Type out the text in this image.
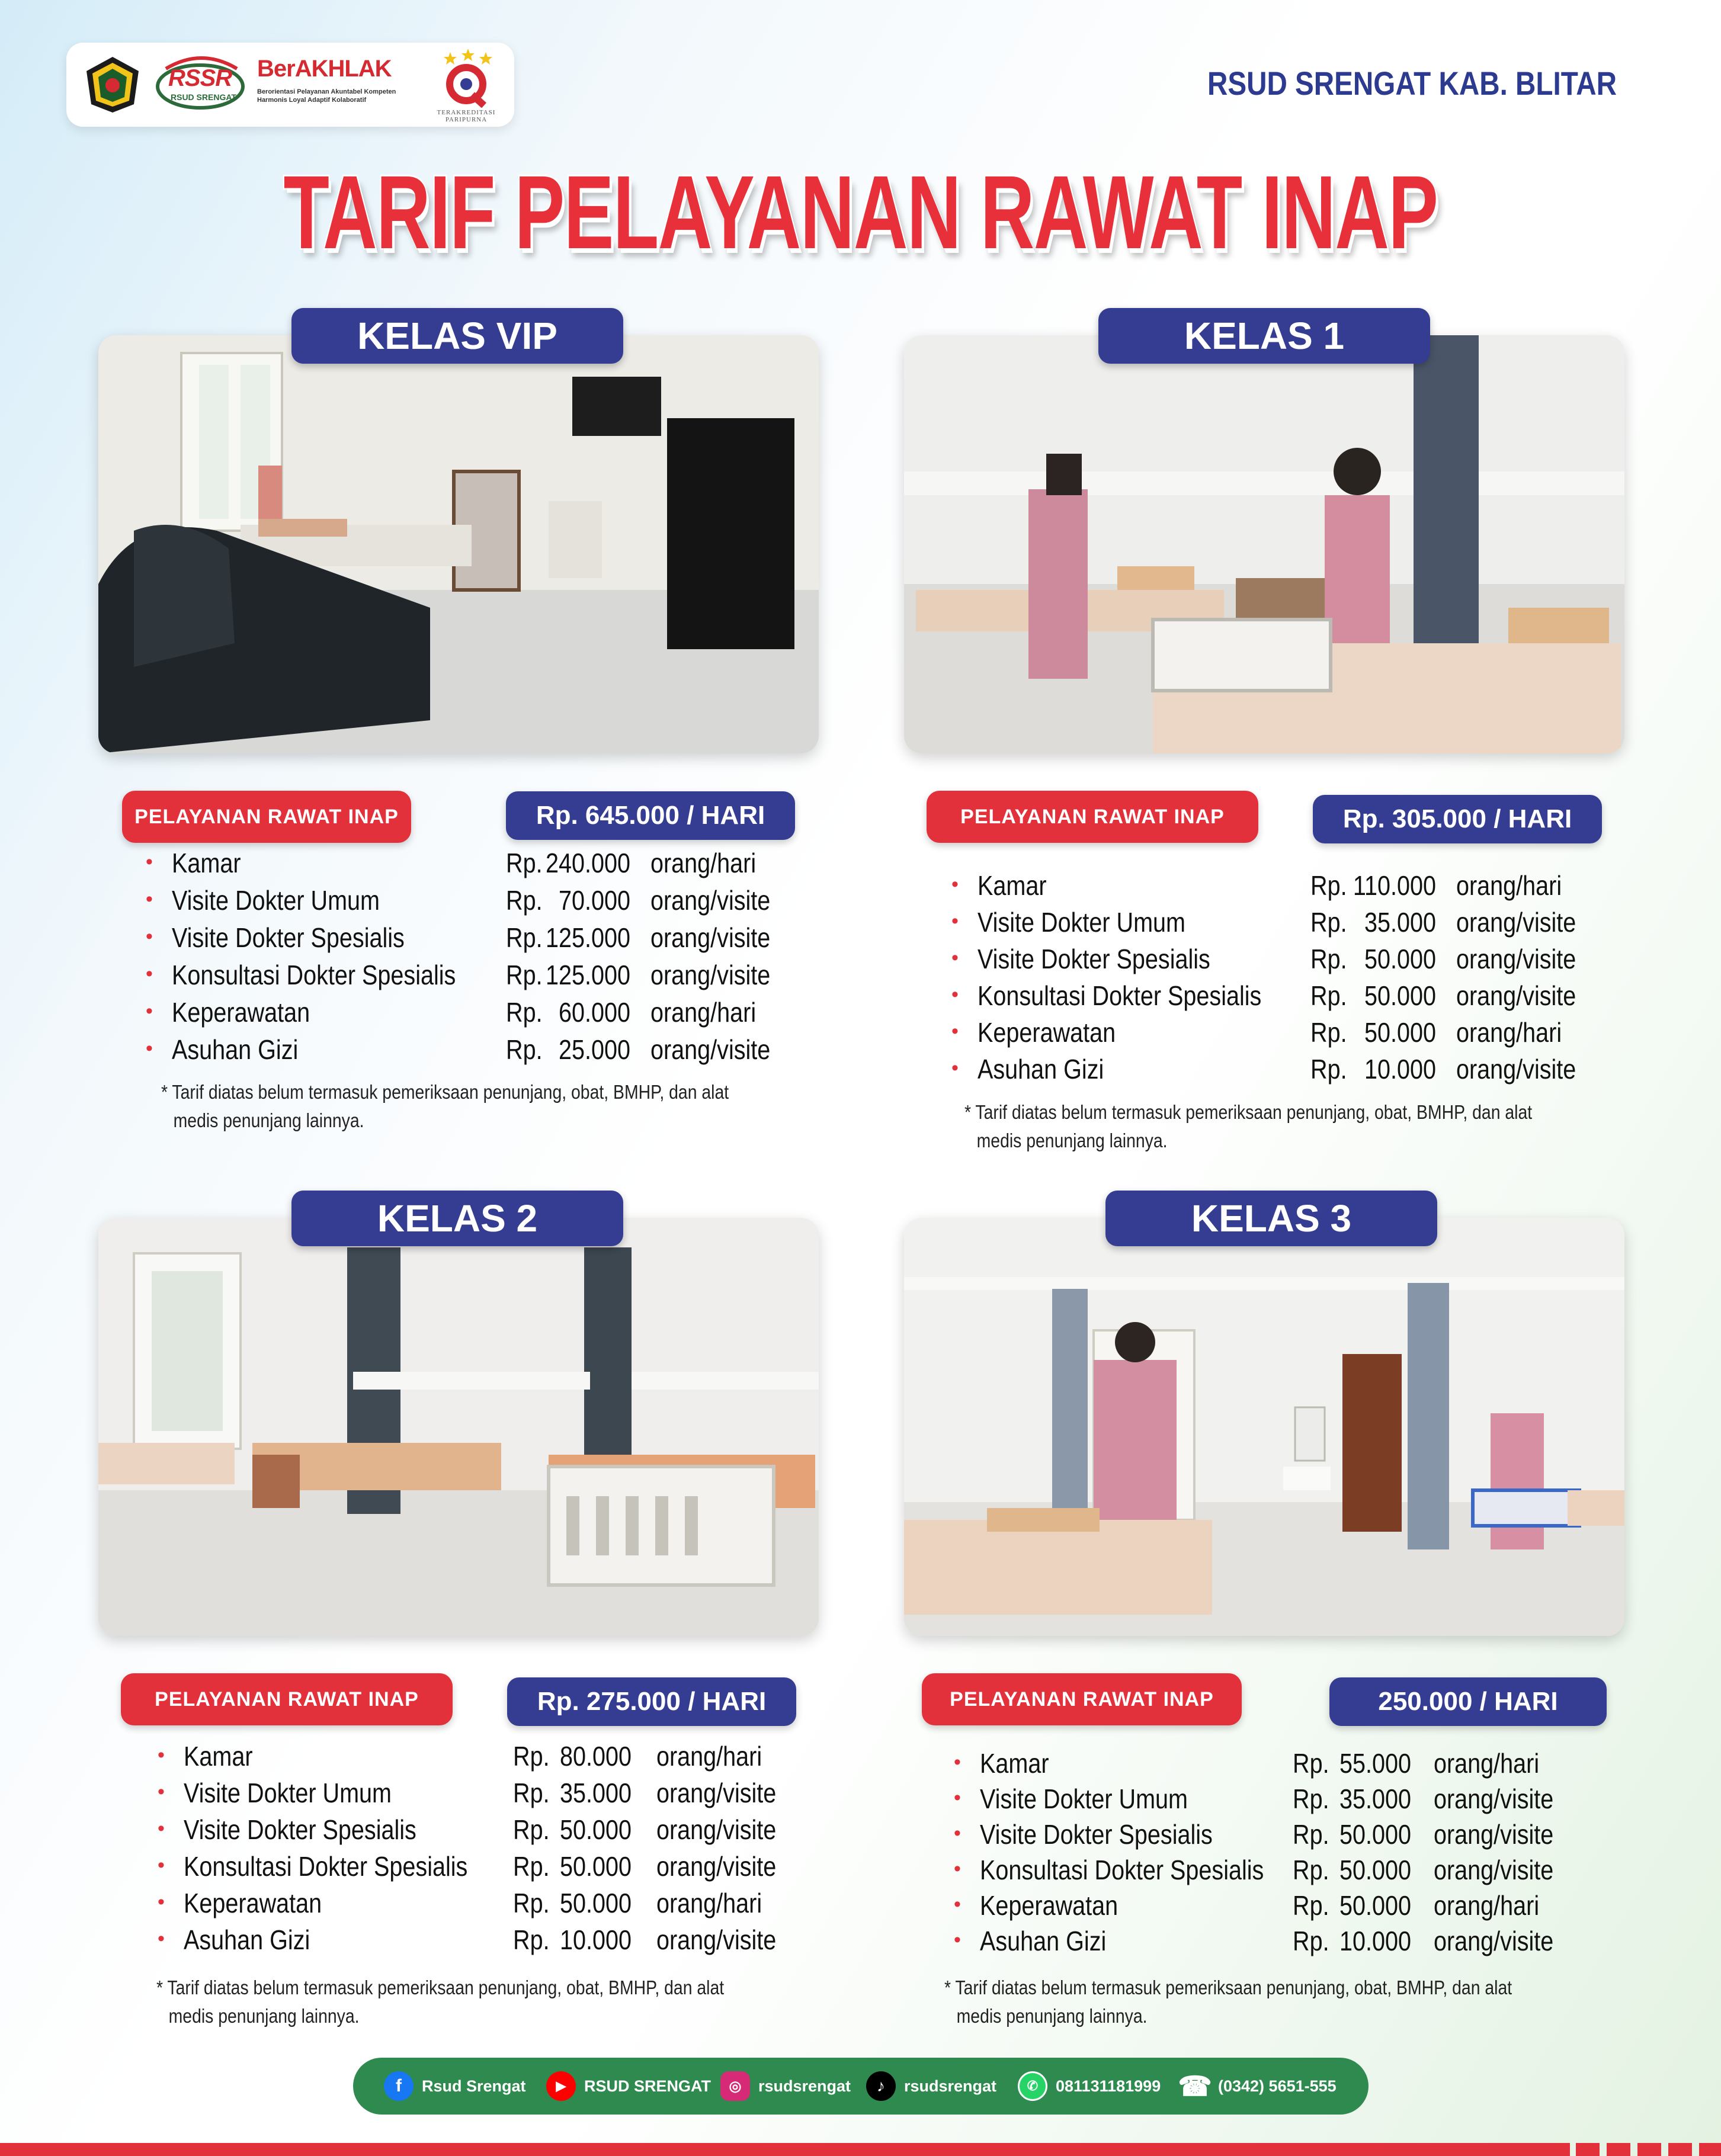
RSSR
RSUD SRENGAT
BerAKHLAK
Berorientasi Pelayanan Akuntabel Kompeten Harmonis Loyal Adaptif Kolaboratif
TERAKREDITASI PARIPURNA
RSUD SRENGAT KAB. BLITAR
TARIF PELAYANAN RAWAT INAP
KELAS VIP
PELAYANAN RAWAT INAP	Rp. 645.000 / HARI
• Kamar	Rp. 240.000 orang/hari
• Visite Dokter Umum	Rp. 70.000 orang/visite
• Visite Dokter Spesialis	Rp. 125.000 orang/visite
• Konsultasi Dokter Spesialis Rp. 125.000 orang/visite
• Keperawatan	Rp. 60.000 orang/hari
• Asuhan Gizi	Rp. 25.000 orang/visite
* Tarif diatas belum termasuk pemeriksaan penunjang, obat, BMHP, dan alat
medis penunjang lainnya.
KELAS 1
PELAYANAN RAWAT INAP	Rp. 305.000 / HARI
• Kamar	Rp. 110.000 orang/hari
• Visite Dokter Umum	Rp. 35.000 orang/visite
• Visite Dokter Spesialis	Rp. 50.000 orang/visite
• Konsultasi Dokter Spesialis Rp. 50.000 orang/visite
• Keperawatan	Rp. 50.000 orang/hari
• Asuhan Gizi	Rp. 10.000 orang/visite
* Tarif diatas belum termasuk pemeriksaan penunjang, obat, BMHP, dan alat
medis penunjang lainnya.
KELAS 2
PELAYANAN RAWAT INAP	Rp. 275.000 / HARI
• Kamar	Rp. 80.000 orang/hari
• Visite Dokter Umum	Rp. 35.000 orang/visite
• Visite Dokter Spesialis	Rp. 50.000 orang/visite
• Konsultasi Dokter Spesialis Rp. 50.000 orang/visite
• Keperawatan	Rp. 50.000 orang/hari
• Asuhan Gizi	Rp. 10.000 orang/visite
* Tarif diatas belum termasuk pemeriksaan penunjang, obat, BMHP, dan alat
medis penunjang lainnya.
KELAS 3
PELAYANAN RAWAT INAP	250.000 / HARI
• Kamar	Rp. 55.000 orang/hari
• Visite Dokter Umum	Rp. 35.000 orang/visite
• Visite Dokter Spesialis	Rp. 50.000 orang/visite
• Konsultasi Dokter Spesialis Rp. 50.000 orang/visite
• Keperawatan	Rp. 50.000 orang/hari
• Asuhan Gizi	Rp. 10.000 orang/visite
* Tarif diatas belum termasuk pemeriksaan penunjang, obat, BMHP, dan alat
medis penunjang lainnya.
f	Rsud Srengat	▶	RSUD SRENGAT	◎	rsudsrengat	♪	rsudsrengat	✆	081131181999 ☎ (0342) 5651-555
